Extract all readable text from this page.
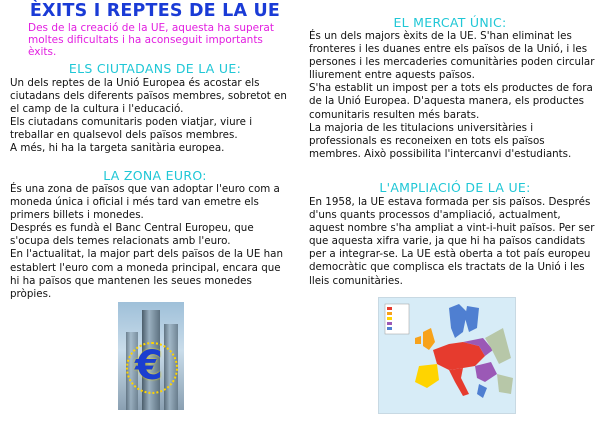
ÈXITS I REPTES DE LA UE

Des de la creació de la UE, aquesta ha superat moltes dificultats i ha aconseguit importants èxits.

ELS CIUTADANS DE LA UE:

Un dels reptes de la Unió Europea és acostar els ciutadans dels diferents països membres, sobretot en el camp de la cultura i l'educació.

Els ciutadans comunitaris poden viatjar, viure i treballar en qualsevol dels països membres.

A més, hi ha la targeta sanitària europea.

LA ZONA EURO:

És una zona de països que van adoptar l'euro com a moneda única i oficial i més tard van emetre els primers billets i monedes.

Després es fundà el Banc Central Europeu, que s'ocupa dels temes relacionats amb l'euro.

En l'actualitat, la major part dels països de la UE han establert l'euro com a moneda principal, encara que hi ha països que mantenen les seues monedes pròpies.

€
EL MERCAT ÚNIC:

És un dels majors èxits de la UE. S'han eliminat les fronteres i les duanes entre els països de la Unió, i les persones i les mercaderies comunitàries poden circular lliurement entre aquests països.

S'ha establit un impost per a tots els productes de fora de la Unió Europea. D'aquesta manera, els productes comunitaris resulten més barats.

La majoria de les titulacions universitàries i professionals es reconeixen en tots els països membres. Això possibilita l'intercanvi d'estudiants.

L'AMPLIACIÓ DE LA UE:

En 1958, la UE estava formada per sis països. Després d'uns quants processos d'ampliació, actualment, aquest nombre s'ha ampliat a vint-i-huit països. Per ser que aquesta xifra varie, ja que hi ha països candidats per a integrar-se. La UE està oberta a tot país europeu democràtic que complisca els tractats de la Unió i les lleis comunitàries.
